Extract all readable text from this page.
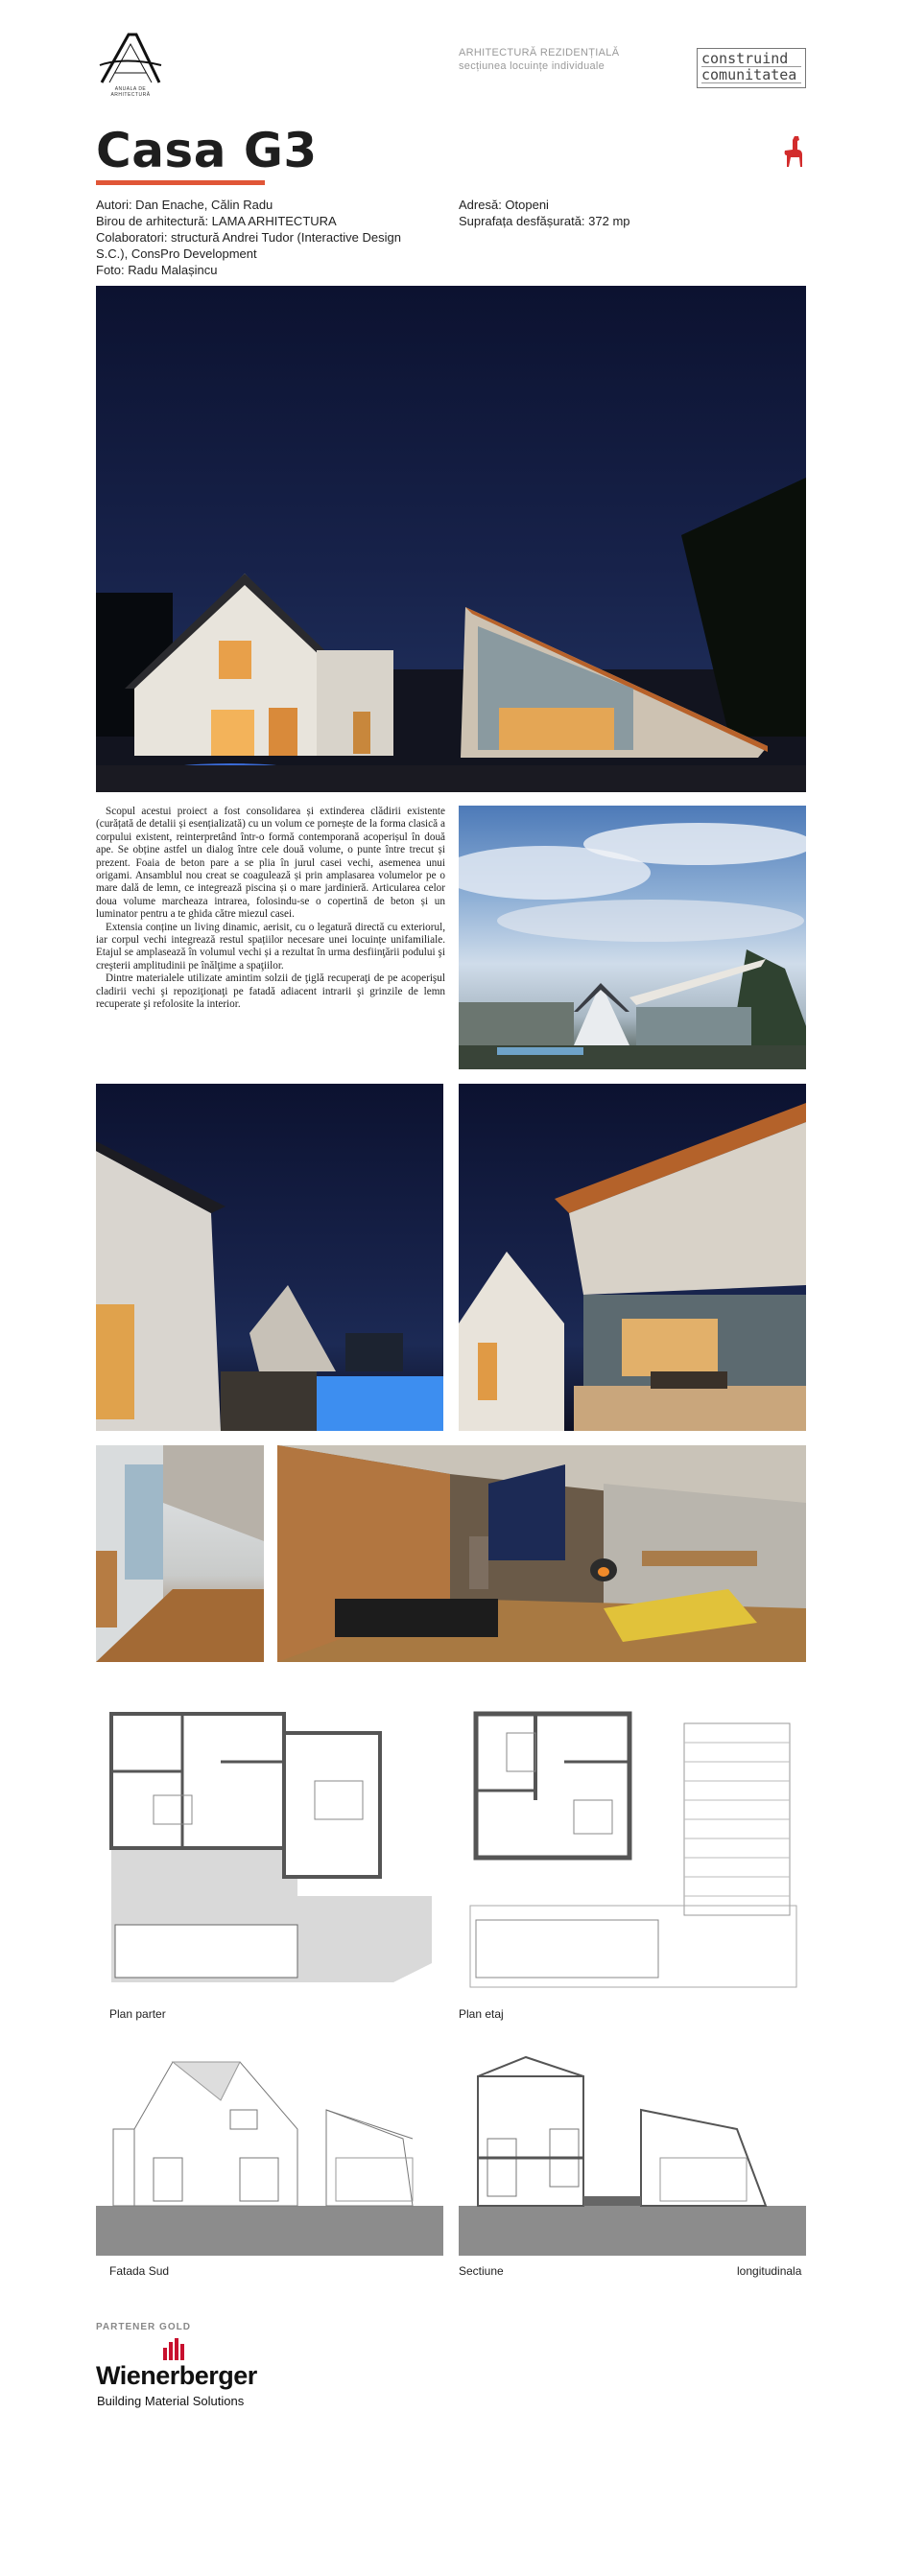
ANUALA DE ARHITECTURĂ
ARHITECTURĂ REZIDENȚIALĂ
secțiunea locuințe individuale	construind
comunitatea
Casa G3
Autori: Dan Enache, Călin Radu
Birou de arhitectură: LAMA ARHITECTURA
Colaboratori: structură Andrei Tudor (Interactive Design S.C.), ConsPro Development
Foto: Radu Malașincu
Adresă: Otopeni
Suprafața desfășurată: 372 mp

Scopul acestui proiect a fost consolidarea și extinderea clădirii existente (curățată de detalii și esențializată) cu un volum ce pornește de la forma clasică a corpului existent, reinterpretând într-o formă contemporană acoperișul în două ape. Se obține astfel un dialog între cele două volume, o punte între trecut și prezent. Foaia de beton pare a se plia în jurul casei vechi, asemenea unui origami. Ansamblul nou creat se coagulează și prin amplasarea volumelor pe o mare dală de lemn, ce integrează piscina și o mare jardinieră. Articularea celor doua volume marcheaza intrarea, folosindu-se o copertină de beton și un luminator pentru a te ghida către miezul casei.

Extensia conține un living dinamic, aerisit, cu o legatură directă cu exteriorul, iar corpul vechi integrează restul spațiilor necesare unei locuințe unifamiliale. Etajul se amplasează în volumul vechi și a rezultat în urma desfiinţării podului şi creşterii amplitudinii pe înălţime a spaţiilor.

Dintre materialele utilizate amintim solzii de ţiglă recuperaţi de pe acoperişul cladirii vechi şi repoziţionaţi pe fatadă adiacent intrarii şi grinzile de lemn recuperate şi refolosite la interior.

Plan parter	Plan etaj
Fatada Sud	Sectiune	longitudinala
PARTENER GOLD
Wienerberger
Building Material Solutions
